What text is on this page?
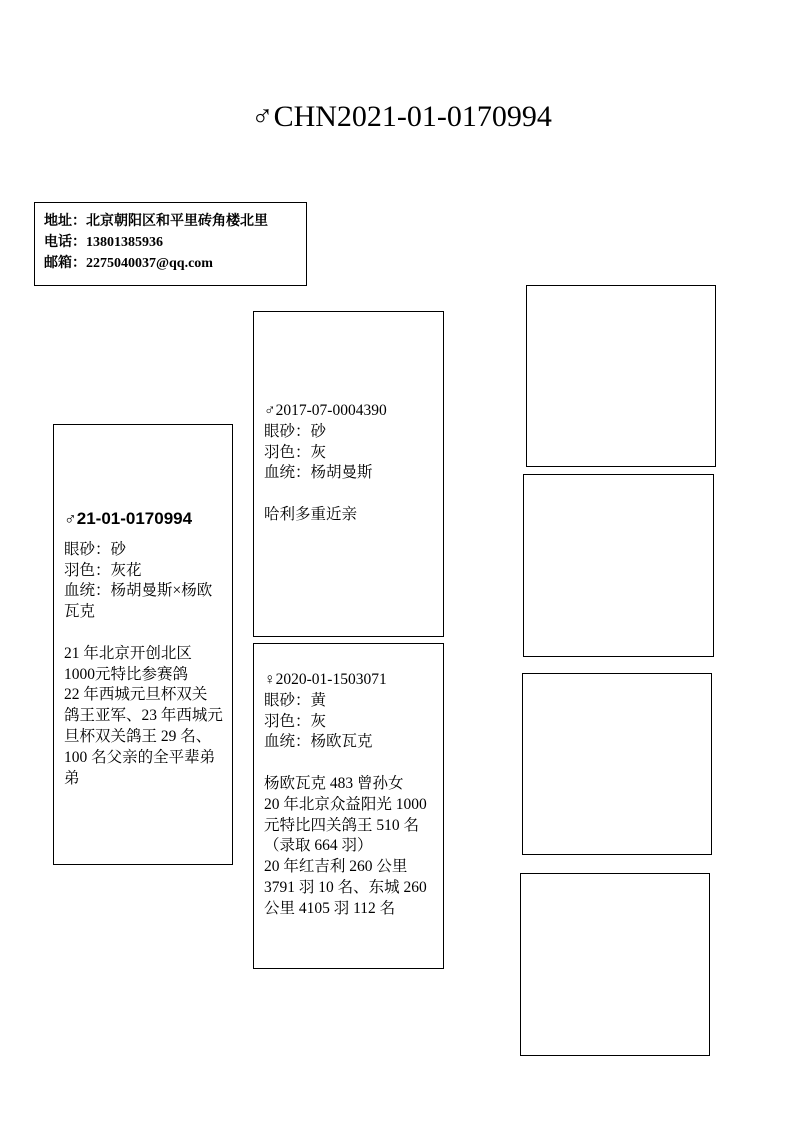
♂CHN2021-01-0170994
地址：北京朝阳区和平里砖角楼北里
电话：13801385936
邮箱：2275040037@qq.com
♂21-01-0170994
眼砂：砂
羽色：灰花
血统：杨胡曼斯×杨欧
瓦克
21 年北京开创北区
1000元特比参赛鸽
22 年西城元旦杯双关
鸽王亚军、23 年西城元
旦杯双关鸽王 29 名、
100 名父亲的全平辈弟
弟
♂2017-07-0004390
眼砂：砂
羽色：灰
血统：杨胡曼斯
哈利多重近亲
♀2020-01-1503071
眼砂：黄
羽色：灰
血统：杨欧瓦克
杨欧瓦克 483 曾孙女
20 年北京众益阳光 1000
元特比四关鸽王 510 名
（录取 664 羽）
20 年红吉利 260 公里
3791 羽 10 名、东城 260
公里 4105 羽 112 名
